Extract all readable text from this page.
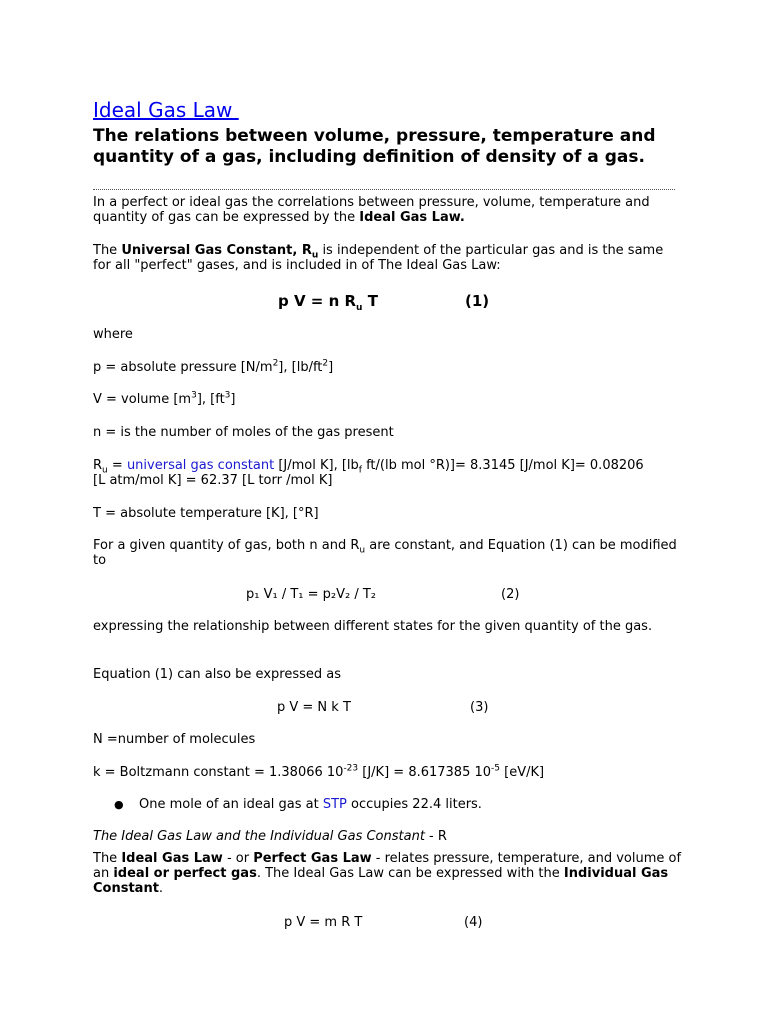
Ideal Gas Law
The relations between volume, pressure, temperature and quantity of a gas, including definition of density of a gas.
In a perfect or ideal gas the correlations between pressure, volume, temperature and quantity of gas can be expressed by the Ideal Gas Law.
The Universal Gas Constant, $R_u$ is independent of the particular gas and is the same for all "perfect" gases, and is included in of The Ideal Gas Law:
p V = n $R_u$ T	(1)
where
p = absolute pressure $[N/m^2]$, $[lb/ft^2]$
V = volume $[m^3]$, $[ft^3]$
n = is the number of moles of the gas present
$R_u$ = universal gas constant [J/mol K], [$lb_f$ ft/(lb mol °R)]= 8.3145 [J/mol K]= 0.08206 [L atm/mol K] = 62.37 [L torr /mol K]
T = absolute temperature [K], [°R]
For a given quantity of gas, both n and $R_u$ are constant, and Equation (1) can be modified to
p₁ V₁ / T₁ = p₂V₂ / T₂	(2)
expressing the relationship between different states for the given quantity of the gas.
Equation (1) can also be expressed as
p V = N k T	(3)
N =number of molecules
k = Boltzmann constant = 1.38066 $10^{-23}$ [J/K] = 8.617385 $10^{-5}$ [eV/K]
● One mole of an ideal gas at STP occupies 22.4 liters.
The Ideal Gas Law and the Individual Gas Constant - R
The Ideal Gas Law - or Perfect Gas Law - relates pressure, temperature, and volume of an ideal or perfect gas. The Ideal Gas Law can be expressed with the Individual Gas Constant.
p V = m R T	(4)
